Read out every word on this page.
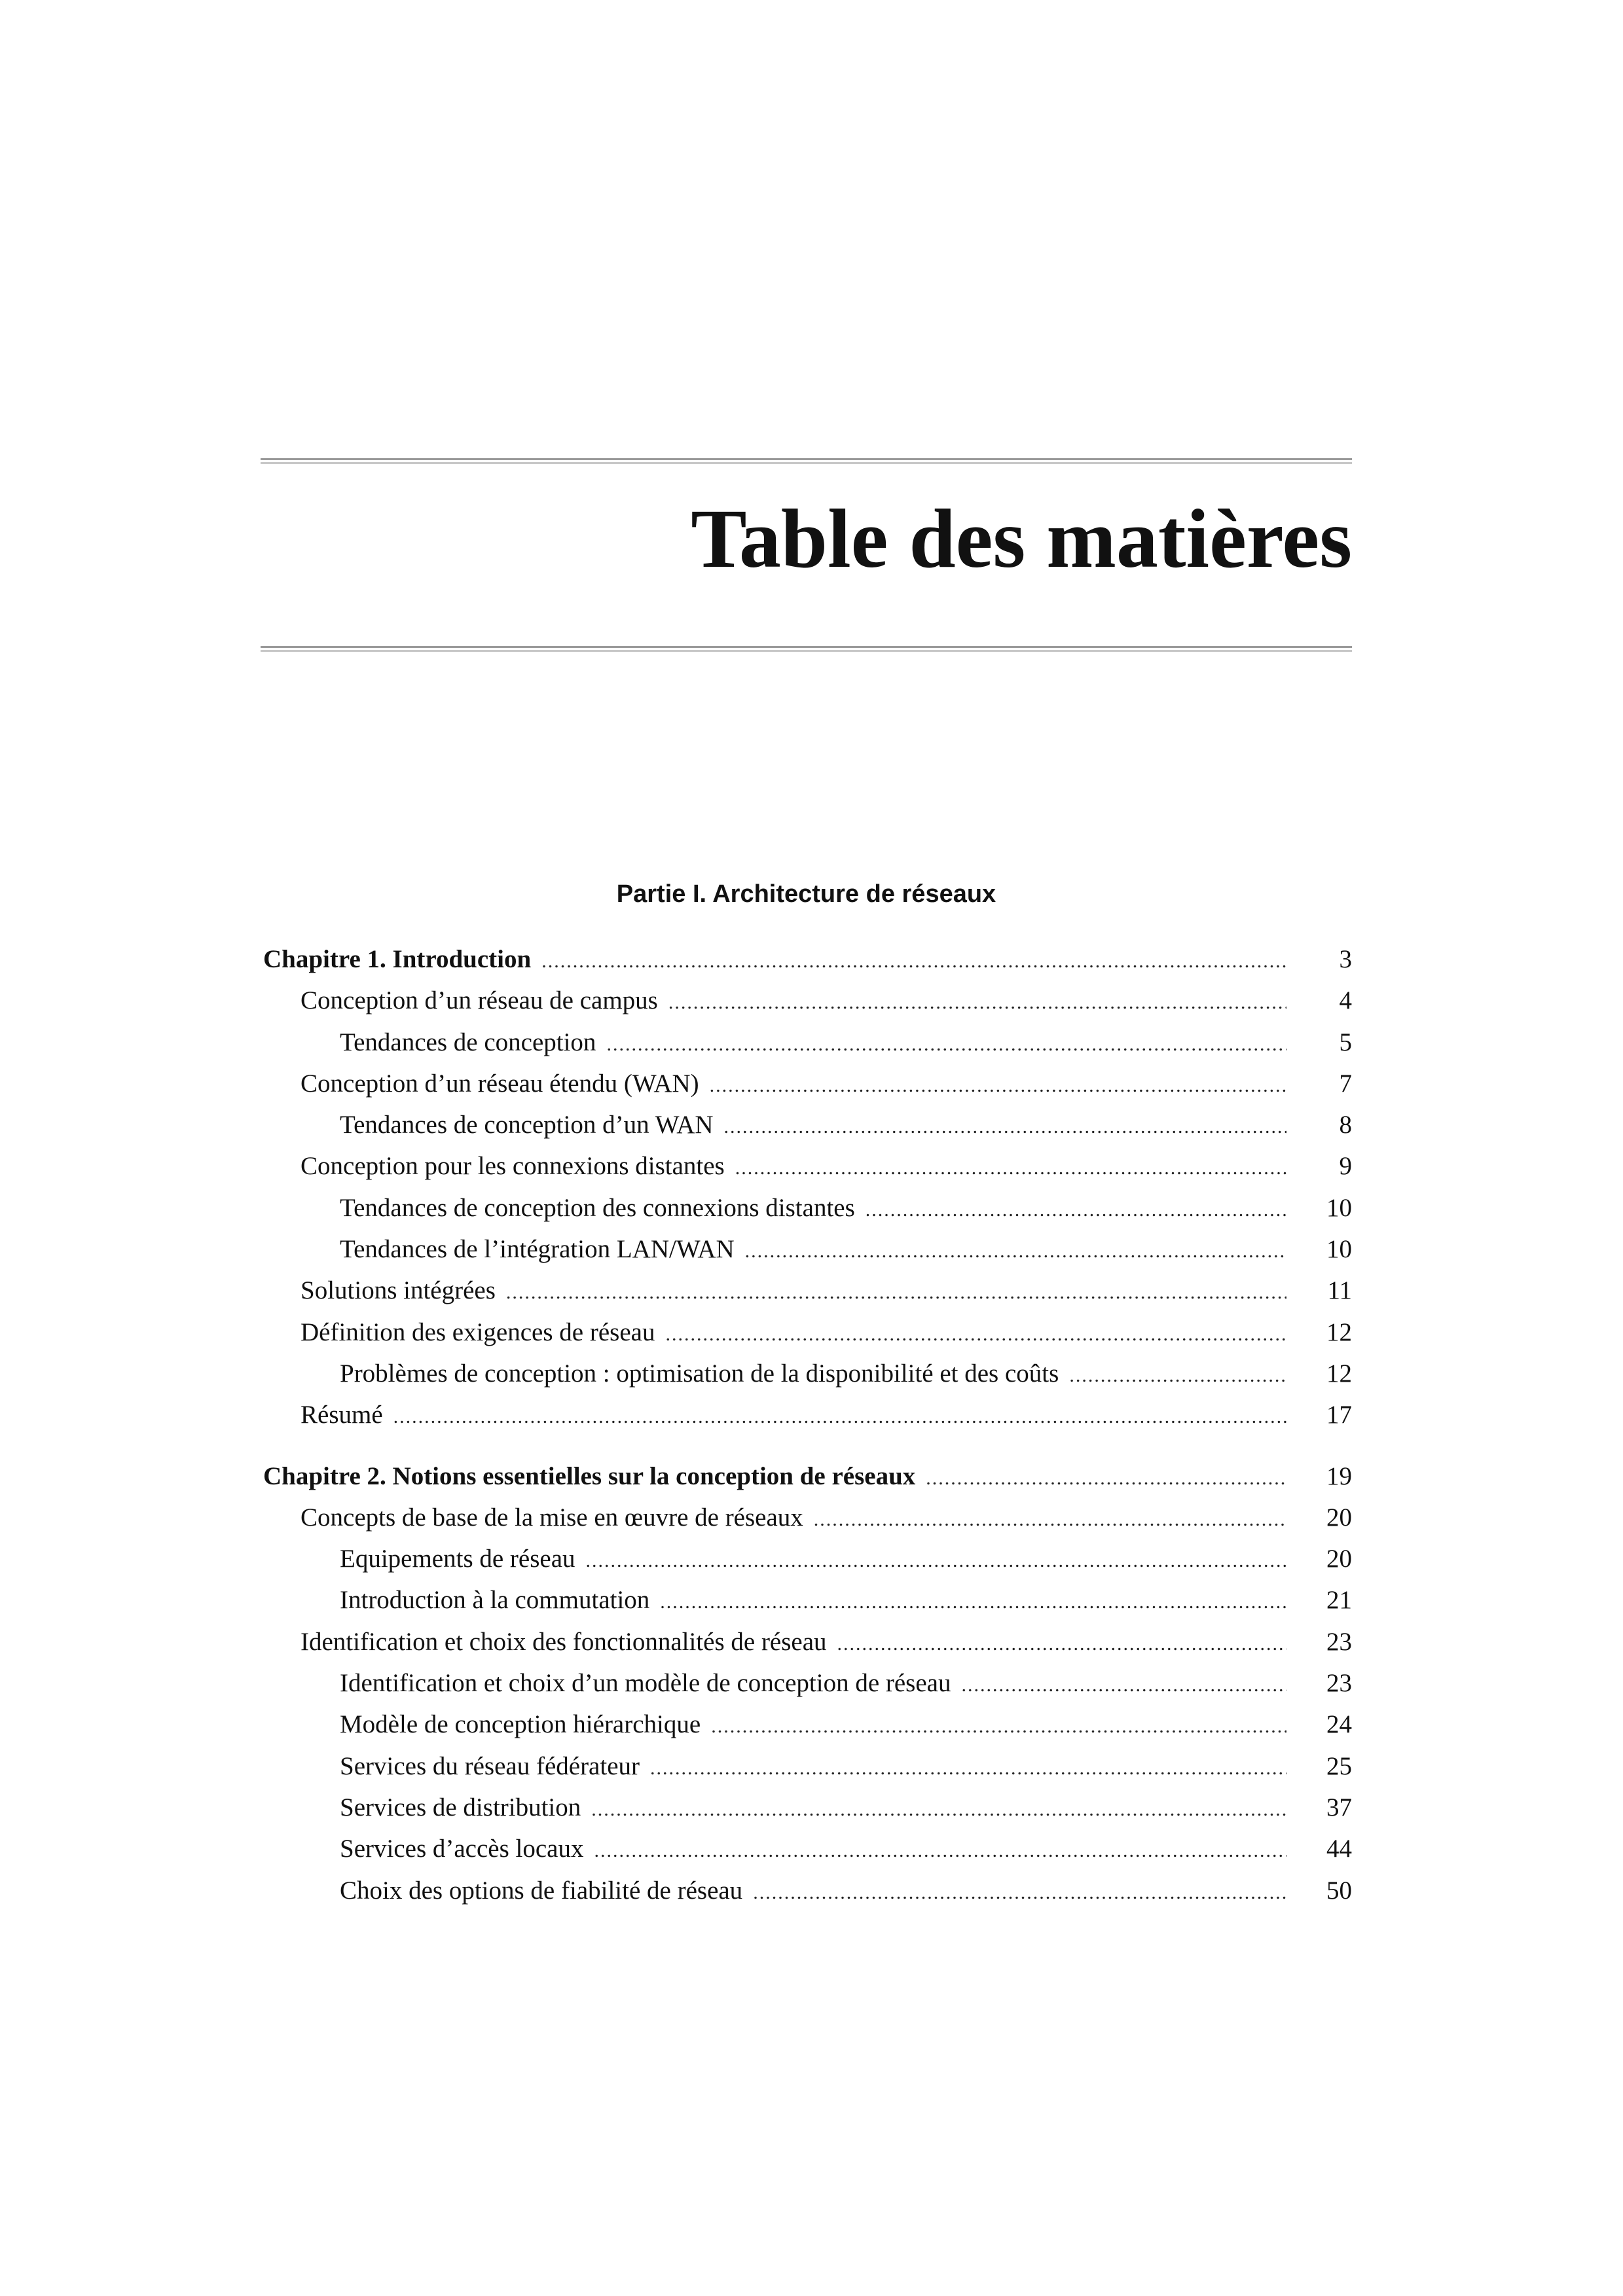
Table des matières
Partie I. Architecture de réseaux
Chapitre 1. Introduction .....	3
Conception d’un réseau de campus .....	4
Tendances de conception .....	5
Conception d’un réseau étendu (WAN) .....	7
Tendances de conception d’un WAN .....	8
Conception pour les connexions distantes .....	9
Tendances de conception des connexions distantes .....	10
Tendances de l’intégration LAN/WAN .....	10
Solutions intégrées .....	11
Définition des exigences de réseau .....	12
Problèmes de conception : optimisation de la disponibilité et des coûts .....	12
Résumé .....	17
Chapitre 2. Notions essentielles sur la conception de réseaux .....	19
Concepts de base de la mise en œuvre de réseaux .....	20
Equipements de réseau .....	20
Introduction à la commutation .....	21
Identification et choix des fonctionnalités de réseau .....	23
Identification et choix d’un modèle de conception de réseau .....	23
Modèle de conception hiérarchique .....	24
Services du réseau fédérateur .....	25
Services de distribution .....	37
Services d’accès locaux .....	44
Choix des options de fiabilité de réseau .....	50
